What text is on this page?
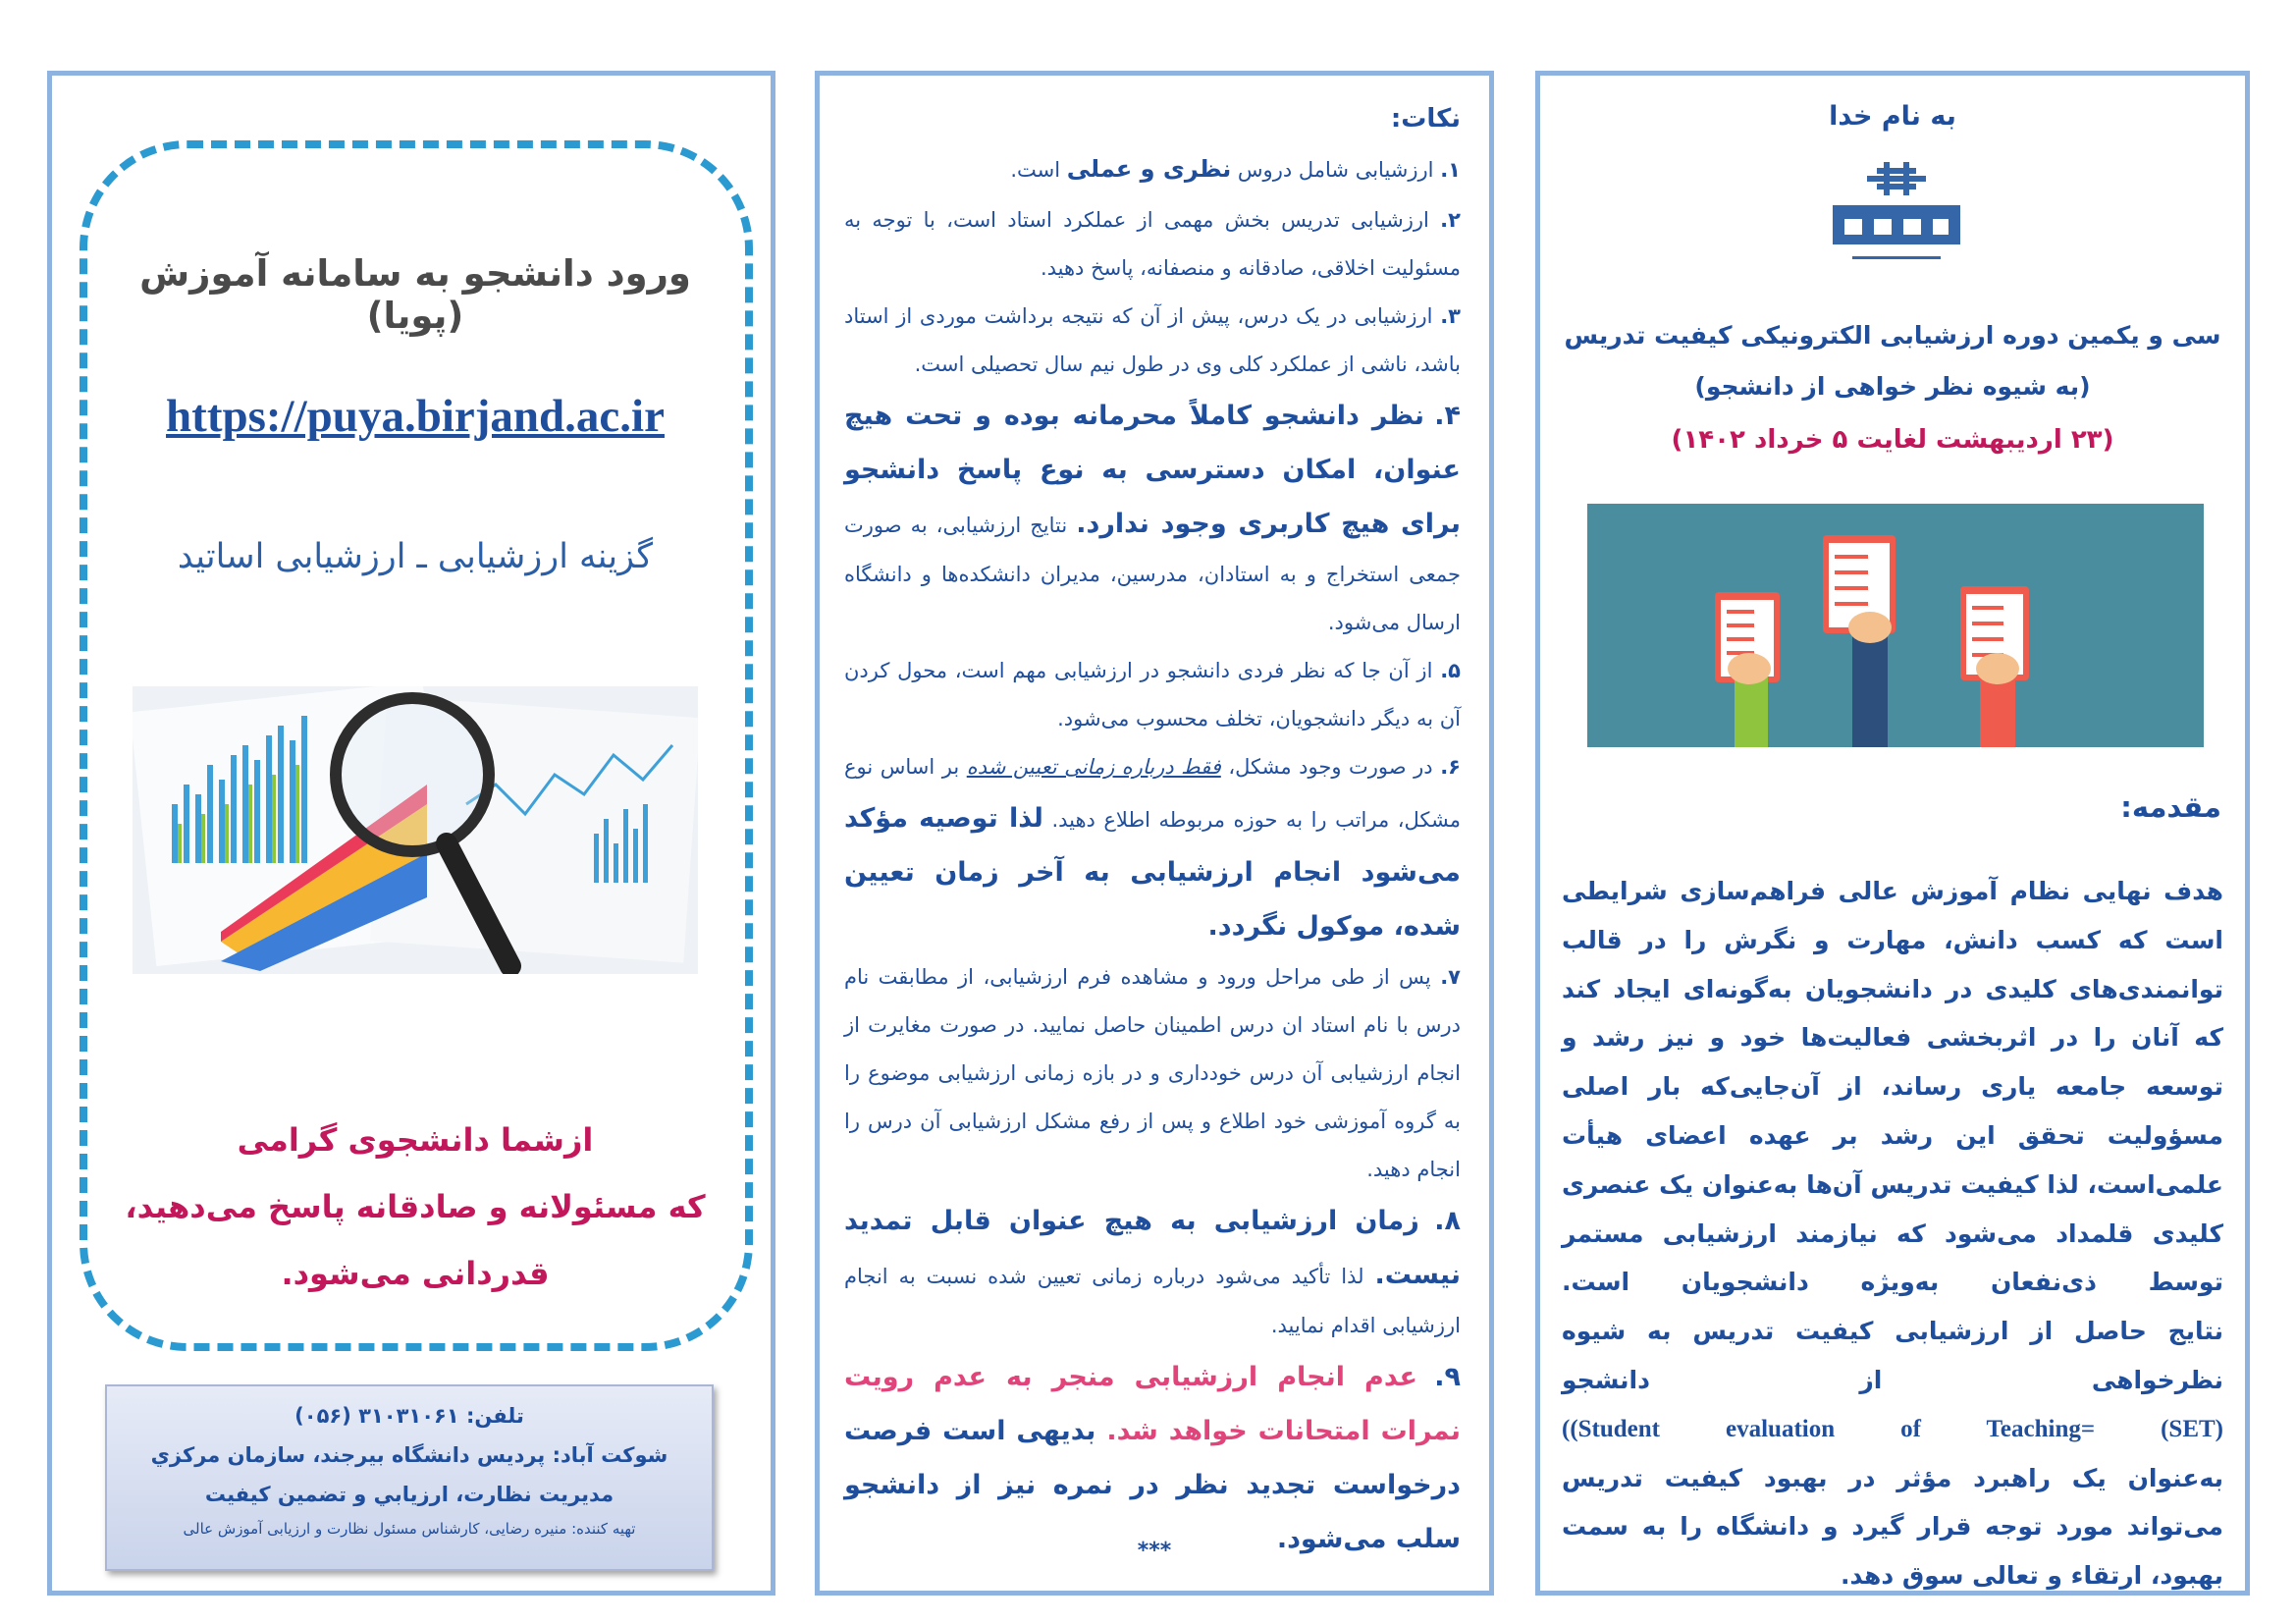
ورود دانشجو به سامانه آموزش (پویا)
https://puya.birjand.ac.ir
گزینه ارزشیابی ـ ارزشیابی اساتید
ازشما دانشجوی گرامی
که مسئولانه و صادقانه پاسخ می‌دهید،
قدردانی می‌شود.
تلفن: ۳۱۰۳۱۰۶۱ (۰۵۶)
شوکت آباد: پردیس دانشگاه بیرجند، سازمان مرکزي
مدیریت نظارت، ارزیابي و تضمین کیفیت
تهیه کننده: منیره رضایی، کارشناس مسئول نظارت و ارزیابی آموزش عالی
نکات:

۱. ارزشیابی شامل دروس نظری و عملی است.

۲. ارزشیابی تدریس بخش مهمی از عملکرد استاد است، با توجه به مسئولیت اخلاقی، صادقانه و منصفانه، پاسخ دهید.

۳. ارزشیابی در یک درس، پیش از آن که نتیجه برداشت موردی از استاد باشد، ناشی از عملکرد کلی وی در طول نیم سال تحصیلی است.

۴. نظر دانشجو کاملاً محرمانه بوده و تحت هیچ عنوان، امکان دسترسی به نوع پاسخ دانشجو برای هیچ کاربری وجود ندارد. نتایج ارزشیابی، به صورت جمعی استخراج و به استادان، مدرسین، مدیران دانشکده‌ها و دانشگاه ارسال می‌شود.

۵. از آن جا که نظر فردی دانشجو در ارزشیابی مهم است، محول کردن آن به دیگر دانشجویان، تخلف محسوب می‌شود.

۶. در صورت وجود مشکل، فقط درباره زمانی تعیین شده بر اساس نوع مشکل، مراتب را به حوزه مربوطه اطلاع دهید. لذا توصیه مؤکد می‌شود انجام ارزشیابی به آخر زمان تعیین شده، موکول نگردد.

۷. پس از طی مراحل ورود و مشاهده فرم ارزشیابی، از مطابقت نام درس با نام استاد ان درس اطمینان حاصل نمایید. در صورت مغایرت از انجام ارزشیابی آن درس خودداری و در بازه زمانی ارزشیابی موضوع را به گروه آموزشی خود اطلاع و پس از رفع مشکل ارزشیابی آن درس را انجام دهید.

۸. زمان ارزشیابی به هیچ عنوان قابل تمدید نیست. لذا تأکید می‌شود درباره زمانی تعیین شده نسبت به انجام ارزشیابی اقدام نمایید.

۹. عدم انجام ارزشیابی منجر به عدم رویت نمرات امتحانات خواهد شد. بدیهی است فرصت درخواست تجدید نظر در نمره نیز از دانشجو سلب می‌شود.

***
به نام خدا
سی و یکمین دوره ارزشیابی الکترونیکی کیفیت تدریس
(به شیوه نظر خواهی از دانشجو)
(۲۳ اردیبهشت لغایت ۵ خرداد ۱۴۰۲)
مقدمه:
هدف نهایی نظام آموزش عالی فراهم‌سازی شرایطی است که کسب دانش، مهارت و نگرش را در قالب توانمندی‌های کلیدی در دانشجویان به‌گونه‌ای ایجاد کند که آنان را در اثربخشی فعالیت‌ها خود و نیز رشد و توسعه جامعه یاری رساند، از آن‌جایی‌که بار اصلی مسؤولیت تحقق این رشد بر عهده اعضای هیأت علمی‌است، لذا کیفیت تدریس آن‌ها به‌عنوان یک عنصری کلیدی قلمداد می‌شود که نیازمند ارزشیابی مستمر توسط ذی‌نفعان به‌ویژه دانشجویان است.
نتایج حاصل از ارزشیابی کیفیت تدریس به شیوه نظرخواهی از دانشجو
((Student evaluation of Teaching= (SET)
به‌عنوان یک راهبرد مؤثر در بهبود کیفیت تدریس می‌تواند مورد توجه قرار گیرد و دانشگاه را به سمت بهبود، ارتقاء و تعالی سوق دهد.
